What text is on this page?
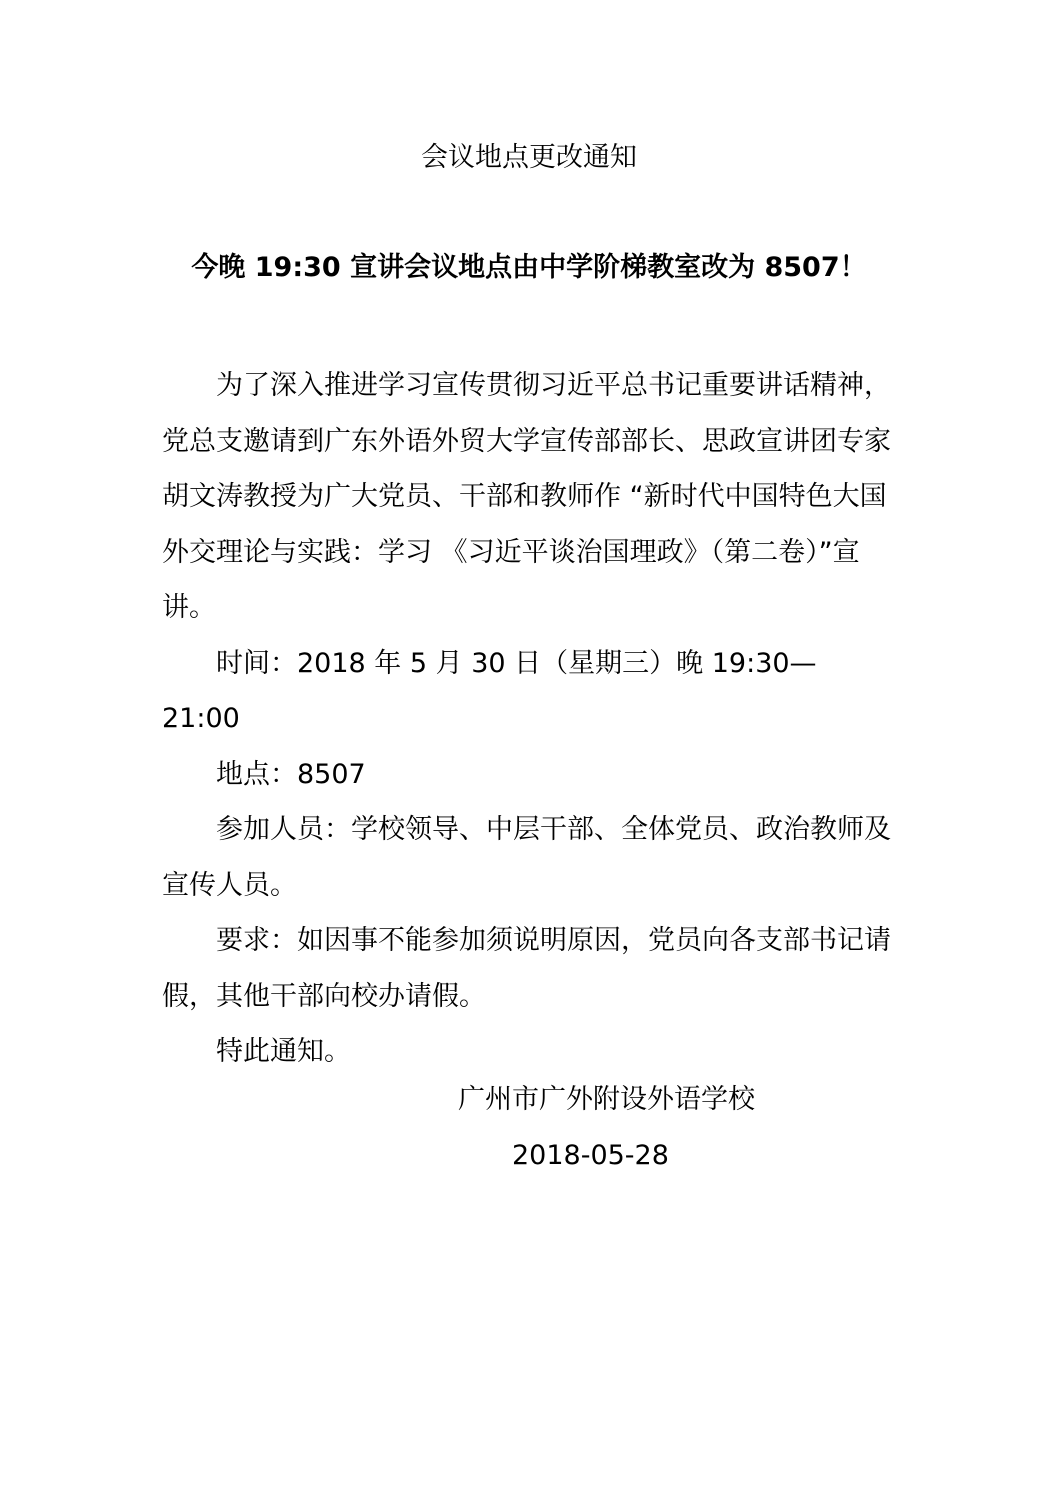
会议地点更改通知
今晚 19:30 宣讲会议地点由中学阶梯教室改为 8507！

为了深入推进学习宣传贯彻习近平总书记重要讲话精神，党总支邀请到广东外语外贸大学宣传部部长、思政宣讲团专家胡文涛教授为广大党员、干部和教师作 “新时代中国特色大国外交理论与实践：学习 《习近平谈治国理政》（第二卷）”宣讲。

时间：2018 年 5 月 30 日（星期三）晚 19:30—21:00

地点：8507

参加人员：学校领导、中层干部、全体党员、政治教师及宣传人员。

要求：如因事不能参加须说明原因，党员向各支部书记请假，其他干部向校办请假。

特此通知。

广州市广外附设外语学校
2018-05-28
